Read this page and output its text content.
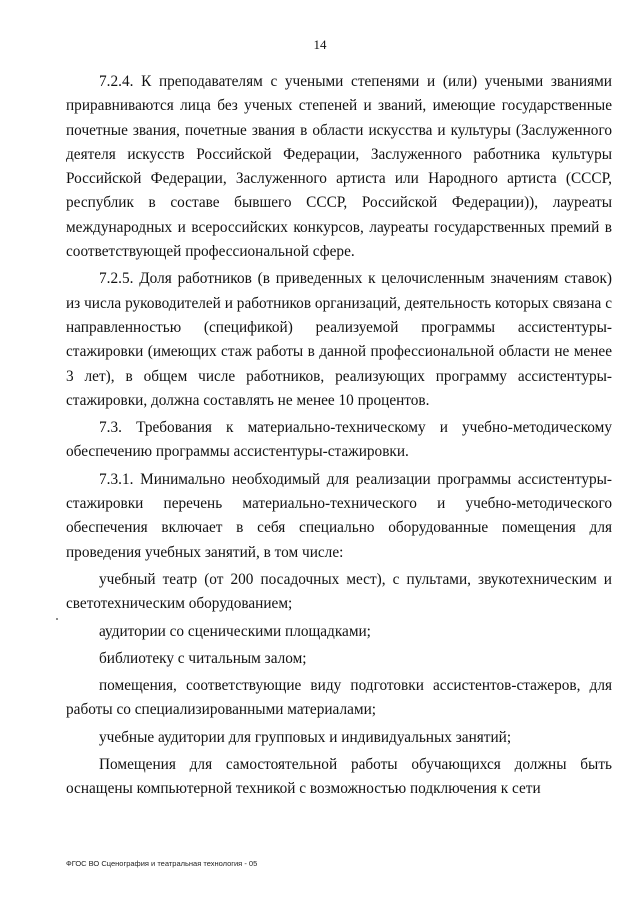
14

7.2.4. К преподавателям с учеными степенями и (или) учеными званиями приравниваются лица без ученых степеней и званий, имеющие государственные почетные звания, почетные звания в области искусства и культуры (Заслуженного деятеля искусств Российской Федерации, Заслуженного работника культуры Российской Федерации, Заслуженного артиста или Народного артиста (СССР, республик в составе бывшего СССР, Российской Федерации)), лауреаты международных и всероссийских конкурсов, лауреаты государственных премий в соответствующей профессиональной сфере.

7.2.5. Доля работников (в приведенных к целочисленным значениям ставок) из числа руководителей и работников организаций, деятельность которых связана с направленностью (спецификой) реализуемой программы ассистентуры-стажировки (имеющих стаж работы в данной профессиональной области не менее 3 лет), в общем числе работников, реализующих программу ассистентуры-стажировки, должна составлять не менее 10 процентов.

7.3. Требования к материально-техническому и учебно-методическому обеспечению программы ассистентуры-стажировки.

7.3.1. Минимально необходимый для реализации программы ассистентуры-стажировки перечень материально-технического и учебно-методического обеспечения включает в себя специально оборудованные помещения для проведения учебных занятий, в том числе:

учебный театр (от 200 посадочных мест), с пультами, звукотехническим и светотехническим оборудованием;

аудитории со сценическими площадками;

библиотеку с читальным залом;

помещения, соответствующие виду подготовки ассистентов-стажеров, для работы со специализированными материалами;

учебные аудитории для групповых и индивидуальных занятий;

Помещения для самостоятельной работы обучающихся должны быть оснащены компьютерной техникой с возможностью подключения к сети

ФГОС ВО Сценография и театральная технология - 05
